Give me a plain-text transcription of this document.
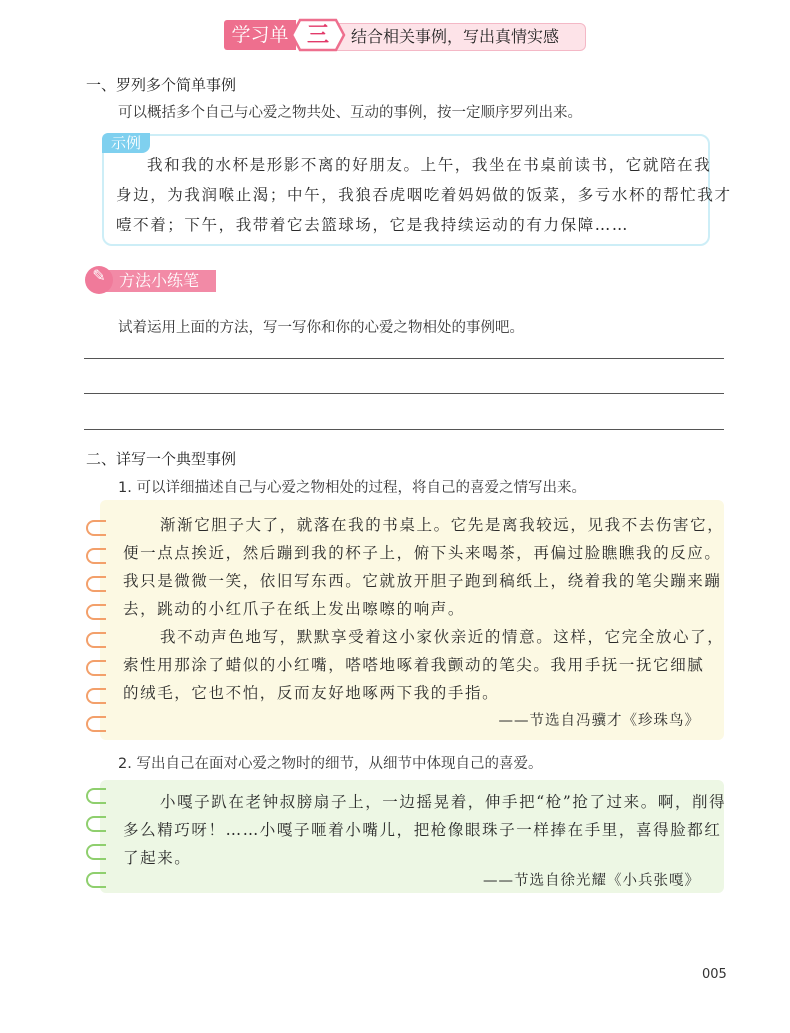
结合相关事例，写出真情实感
学习单 三
一、罗列多个简单事例
可以概括多个自己与心爱之物共处、互动的事例，按一定顺序罗列出来。
示例
我和我的水杯是形影不离的好朋友。上午，我坐在书桌前读书，它就陪在我
身边，为我润喉止渴；中午，我狼吞虎咽吃着妈妈做的饭菜，多亏水杯的帮忙我才
噎不着；下午，我带着它去篮球场，它是我持续运动的有力保障……
方法小练笔
✎
试着运用上面的方法，写一写你和你的心爱之物相处的事例吧。
二、详写一个典型事例
1. 可以详细描述自己与心爱之物相处的过程，将自己的喜爱之情写出来。
渐渐它胆子大了，就落在我的书桌上。它先是离我较远，见我不去伤害它，
便一点点挨近，然后蹦到我的杯子上，俯下头来喝茶，再偏过脸瞧瞧我的反应。
我只是微微一笑，依旧写东西。它就放开胆子跑到稿纸上，绕着我的笔尖蹦来蹦
去，跳动的小红爪子在纸上发出嚓嚓的响声。
我不动声色地写，默默享受着这小家伙亲近的情意。这样，它完全放心了，
索性用那涂了蜡似的小红嘴，嗒嗒地啄着我颤动的笔尖。我用手抚一抚它细腻
的绒毛，它也不怕，反而友好地啄两下我的手指。
——节选自冯骥才《珍珠鸟》
2. 写出自己在面对心爱之物时的细节，从细节中体现自己的喜爱。
小嘎子趴在老钟叔膀扇子上，一边摇晃着，伸手把“枪”抢了过来。啊，削得
多么精巧呀！……小嘎子咂着小嘴儿，把枪像眼珠子一样捧在手里，喜得脸都红
了起来。
——节选自徐光耀《小兵张嘎》
005
